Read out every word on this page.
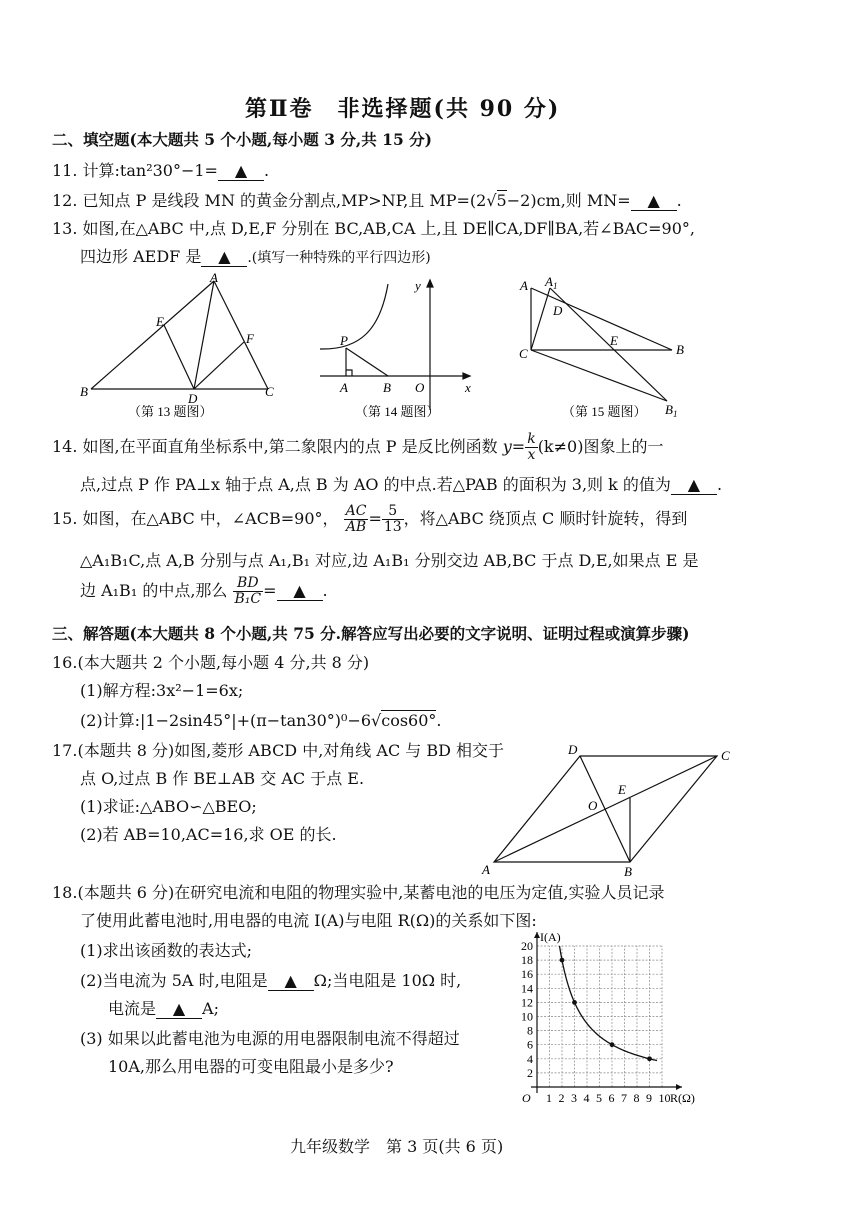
第Ⅱ卷　非选择题(共 90 分)
二、填空题(本大题共 5 个小题,每小题 3 分,共 15 分)
11. 计算:tan²30°−1= ▲ .
12. 已知点 P 是线段 MN 的黄金分割点,MP>NP,且 MP=(2√5−2)cm,则 MN= ▲ .
13. 如图,在△ABC 中,点 D,E,F 分别在 BC,AB,CA 上,且 DE∥CA,DF∥BA,若∠BAC=90°,
四边形 AEDF 是 ▲ .(填写一种特殊的平行四边形)
A
E
F
B	C
D
（第 13 题图）
P
A	B O	x
y
（第 14 题图）
A $A_1$
D
E
C	B
$B_1$
（第 15 题图）
14. 如图,在平面直角坐标系中,第二象限内的点 P 是反比例函数 $y= \frac{k}{x} (k\ne 0)$图象上的一
点,过点 P 作 PA⊥x 轴于点 A,点 B 为 AO 的中点.若△PAB 的面积为 3,则 k 的值为 ▲ .
15. 如图，在△ABC 中，∠ACB=90°， $\frac{AC}{AB} = \frac{5}{13}$ ，将△ABC 绕顶点 C 顺时针旋转，得到
△A₁B₁C,点 A,B 分别与点 A₁,B₁ 对应,边 A₁B₁ 分别交边 AB,BC 于点 D,E,如果点 E 是
边 A₁B₁ 的中点,那么 $\frac{BD}{\text{B₁C}}$ = ▲ .
三、解答题(本大题共 8 个小题,共 75 分.解答应写出必要的文字说明、证明过程或演算步骤)
16.(本大题共 2 个小题,每小题 4 分,共 8 分)
(1)解方程:3x²−1=6x;
(2)计算:|1−2sin45°|+(π−tan30°)⁰−6√cos60°.
17.(本题共 8 分)如图,菱形 ABCD 中,对角线 AC 与 BD 相交于
点 O,过点 B 作 BE⊥AB 交 AC 于点 E.
(1)求证:△ABO∽△BEO;
(2)若 AB=10,AC=16,求 OE 的长.
A	B
C
D
O
E
18.(本题共 6 分)在研究电流和电阻的物理实验中,某蓄电池的电压为定值,实验人员记录
了使用此蓄电池时,用电器的电流 I(A)与电阻 R(Ω)的关系如下图:
(1)求出该函数的表达式;
(2)当电流为 5A 时,电阻是 ▲ Ω;当电阻是 10Ω 时,
电流是 ▲ A;
(3) 如果以此蓄电池为电源的用电器限制电流不得超过
10A,那么用电器的可变电阻最小是多少?
1 2 3 4 5 6 7 8 9 10
2
4
6
8
10
12
14
16
18
20
O
I(A)
R(Ω)
九年级数学　第 3 页(共 6 页)
